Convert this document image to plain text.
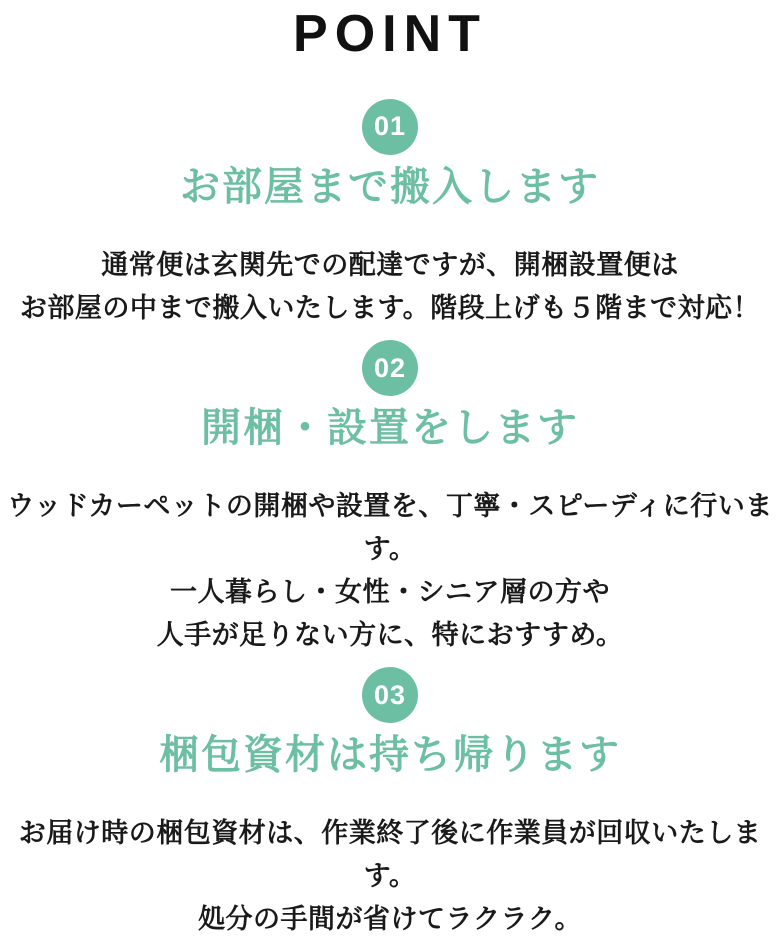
POINT
01
お部屋まで搬入します
通常便は玄関先での配達ですが、開梱設置便は
お部屋の中まで搬入いたします。階段上げも５階まで対応！
02
開梱・設置をします
ウッドカーペットの開梱や設置を、丁寧・スピーディに行います。
一人暮らし・女性・シニア層の方や
人手が足りない方に、特におすすめ。
03
梱包資材は持ち帰ります
お届け時の梱包資材は、作業終了後に作業員が回収いたします。
処分の手間が省けてラクラク。
